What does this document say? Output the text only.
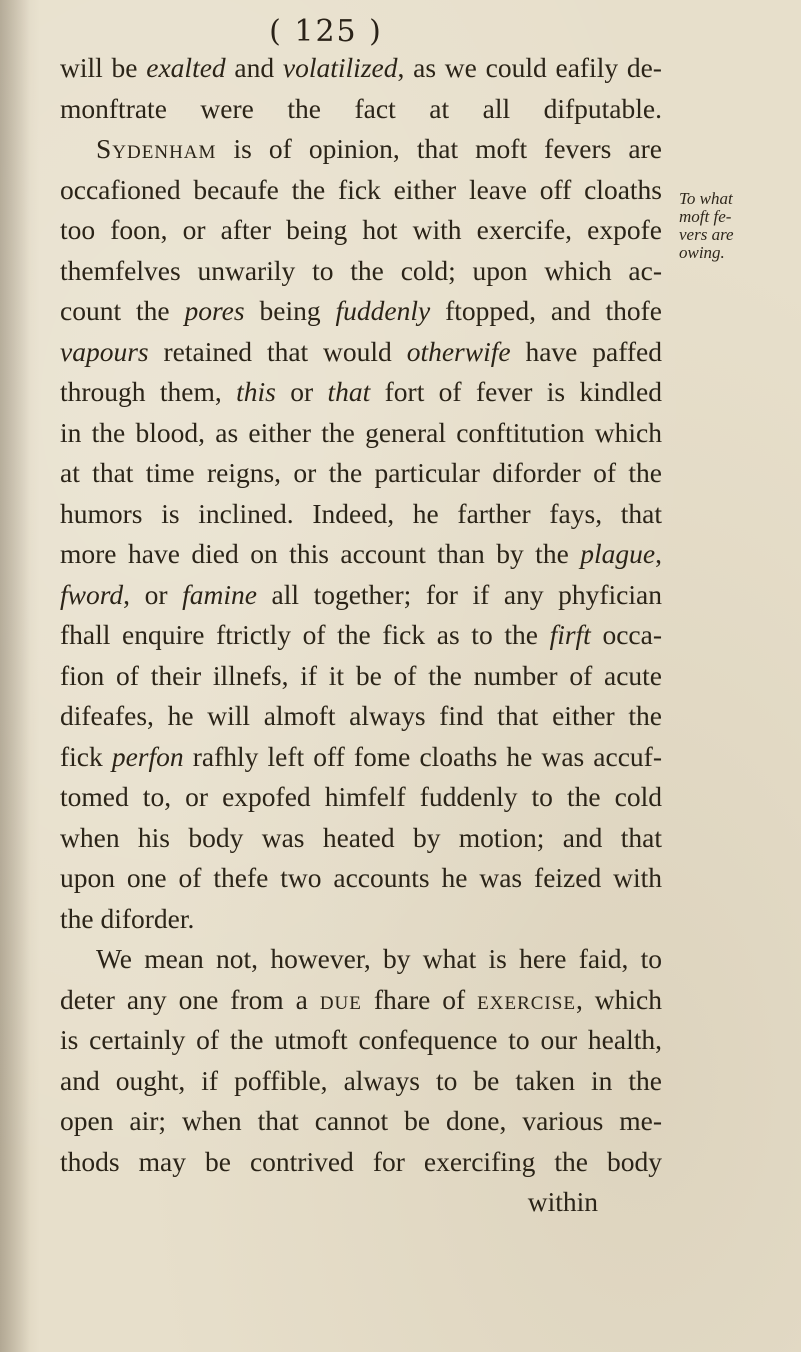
( 125 )
will be exalted and volatilized, as we could eafily de-
monftrate were the fact at all difputable.
Sydenham is of opinion, that moft fevers are
occafioned becaufe the fick either leave off cloaths
too foon, or after being hot with exercife, expofe
themfelves unwarily to the cold; upon which ac-
count the pores being fuddenly ftopped, and thofe
vapours retained that would otherwife have paffed
through them, this or that fort of fever is kindled
in the blood, as either the general conftitution which
at that time reigns, or the particular diforder of the
humors is inclined. Indeed, he farther fays, that
more have died on this account than by the plague,
fword, or famine all together; for if any phyfician
fhall enquire ftrictly of the fick as to the firft occa-
fion of their illnefs, if it be of the number of acute
difeafes, he will almoft always find that either the
fick perfon rafhly left off fome cloaths he was accuf-
tomed to, or expofed himfelf fuddenly to the cold
when his body was heated by motion; and that
upon one of thefe two accounts he was feized with
the diforder.
We mean not, however, by what is here faid, to
deter any one from a due fhare of exercise, which
is certainly of the utmoft confequence to our health,
and ought, if poffible, always to be taken in the
open air; when that cannot be done, various me-
thods may be contrived for exercifing the body
within
To what
moft fe-
vers are
owing.
